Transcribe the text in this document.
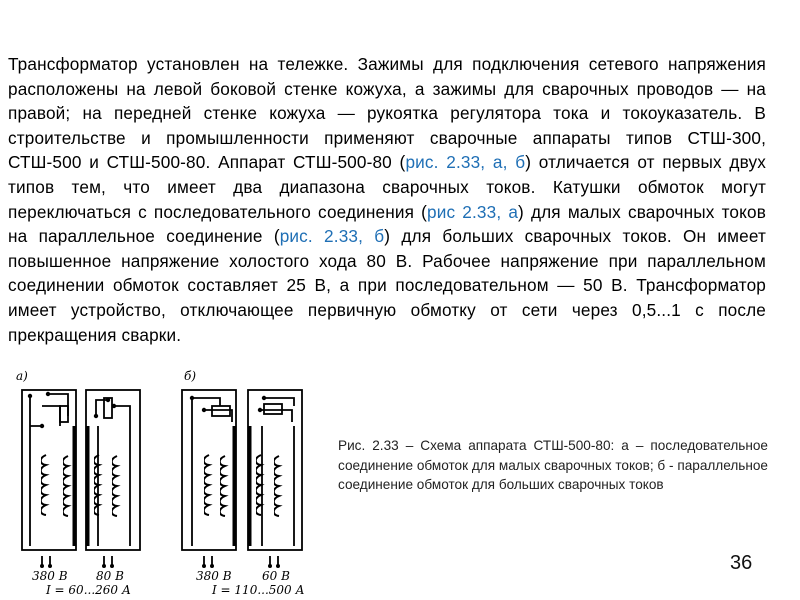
Трансформатор установлен на тележке. Зажимы для подключения сетевого напряжения расположены на левой боковой стенке кожуха, а зажимы для сварочных проводов — на правой; на передней стенке кожуха — рукоятка регулятора тока и токоуказатель. В строительстве и промышленности применяют сварочные аппараты типов СТШ-300, СТШ-500 и СТШ-500-80. Аппарат СТШ-500-80 (рис. 2.33, а, б) отличается от первых двух типов тем, что имеет два диапазона сварочных токов. Катушки обмоток могут переключаться с последовательного соединения (рис 2.33, а) для малых сварочных токов на параллельное соединение (рис. 2.33, б) для больших сварочных токов. Он имеет повышенное напряжение холостого хода 80 В. Рабочее напряжение при параллельном соединении обмоток составляет 25 В, а при последовательном — 50 В. Трансформатор имеет устройство, отключающее первичную обмотку от сети через 0,5...1 с после прекращения сварки.
а)	б)
380 В 80 В
I = 60...260 А
380 В	60 В
I = 110...500 А
Рис. 2.33 – Схема аппарата СТШ-500-80: а – последовательное соединение обмоток для малых сварочных токов; б - параллельное соединение обмоток для больших сварочных токов
36
